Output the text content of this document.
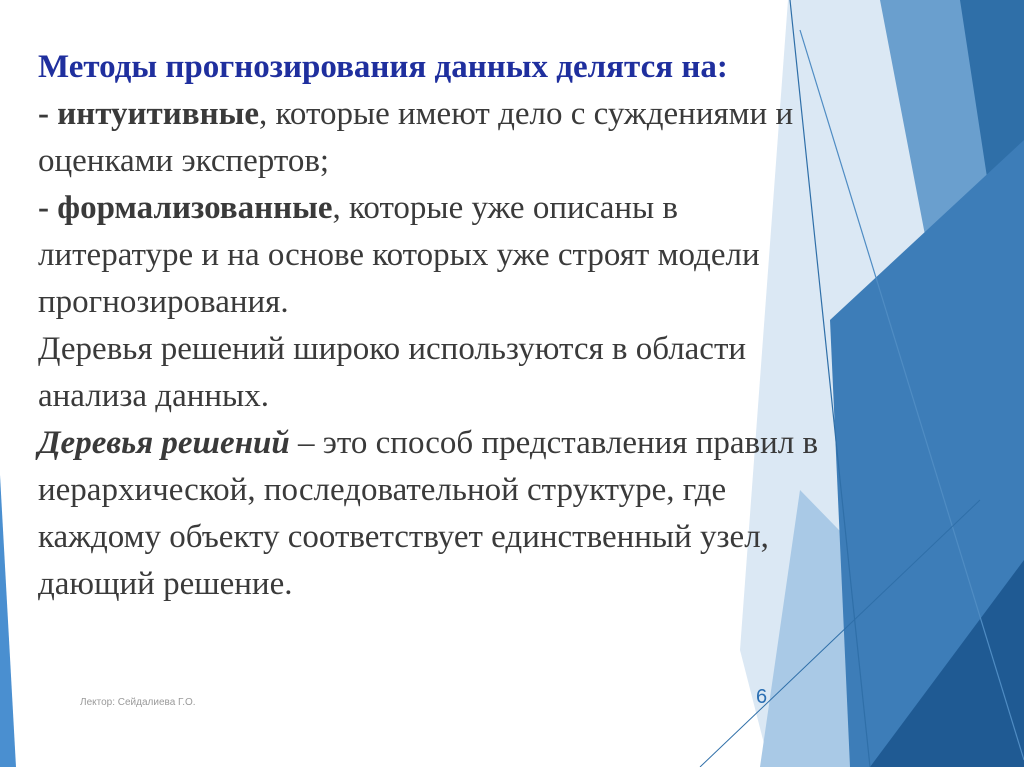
Методы прогнозирования данных делятся на:
- интуитивные, которые имеют дело с суждениями и
оценками экспертов;
- формализованные, которые уже описаны в
литературе и на основе которых уже строят модели
прогнозирования.
Деревья решений широко используются в области
анализа данных.
Деревья решений – это способ представления правил в
иерархической, последовательной структуре, где
каждому объекту соответствует единственный узел,
дающий решение.
Лектор: Сейдалиева Г.О.	6
